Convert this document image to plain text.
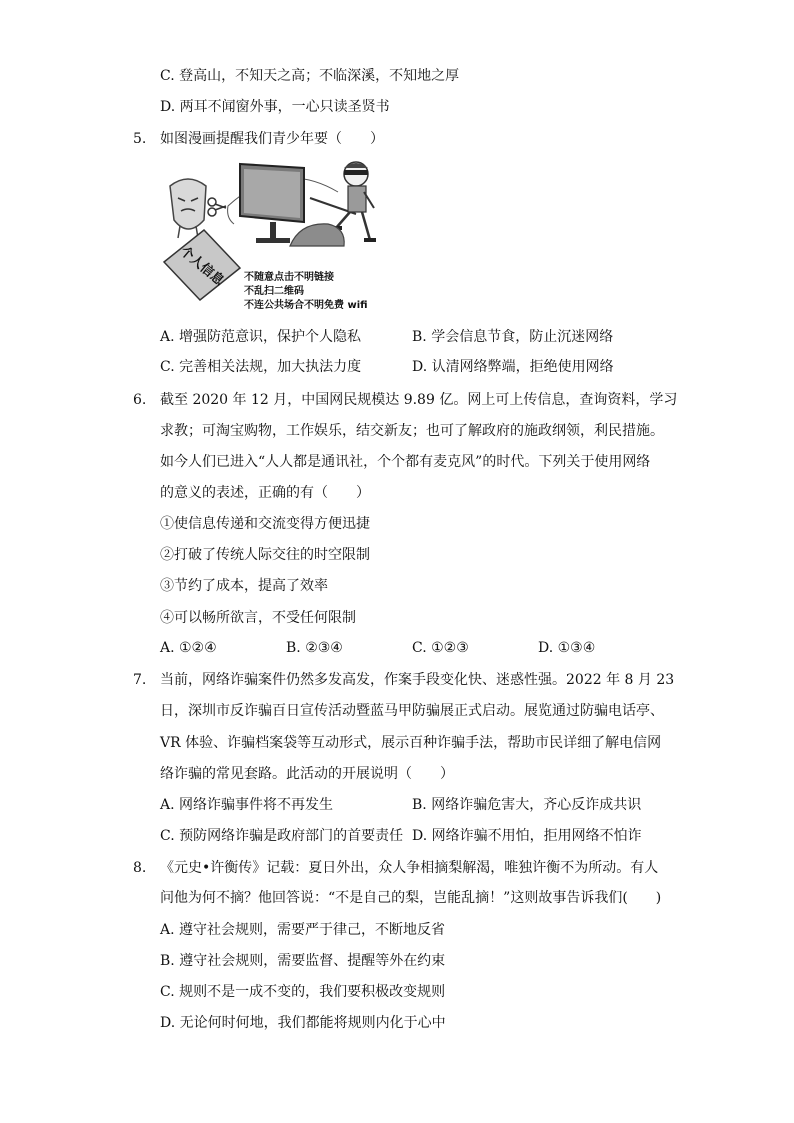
C. 登高山，不知天之高；不临深溪，不知地之厚
D. 两耳不闻窗外事，一心只读圣贤书
5. 如图漫画提醒我们青少年要（　　）
个人信息 不随意点击不明链接
不乱扫二维码
不连公共场合不明免费 wifi
A. 增强防范意识，保护个人隐私	B. 学会信息节食，防止沉迷网络
C. 完善相关法规，加大执法力度	D. 认清网络弊端，拒绝使用网络
6. 截至 2020 年 12 月，中国网民规模达 9.89 亿。网上可上传信息，查询资料，学习
求教；可淘宝购物，工作娱乐，结交新友；也可了解政府的施政纲领，利民措施。
如今人们已进入“人人都是通讯社，个个都有麦克风”的时代。下列关于使用网络
的意义的表述，正确的有（　　）
①使信息传递和交流变得方便迅捷
②打破了传统人际交往的时空限制
③节约了成本，提高了效率
④可以畅所欲言，不受任何限制
A. ①②④	B. ②③④	C. ①②③	D. ①③④
7. 当前，网络诈骗案件仍然多发高发，作案手段变化快、迷惑性强。2022 年 8 月 23
日，深圳市反诈骗百日宣传活动暨蓝马甲防骗展正式启动。展览通过防骗电话亭、
VR 体验、诈骗档案袋等互动形式，展示百种诈骗手法，帮助市民详细了解电信网
络诈骗的常见套路。此活动的开展说明（　　）
A. 网络诈骗事件将不再发生	B. 网络诈骗危害大，齐心反诈成共识
C. 预防网络诈骗是政府部门的首要责任 D. 网络诈骗不用怕，拒用网络不怕诈
8. 《元史•许衡传》记载：夏日外出，众人争相摘梨解渴，唯独许衡不为所动。有人
问他为何不摘？他回答说：“不是自己的梨，岂能乱摘！”这则故事告诉我们(　　)
A. 遵守社会规则，需要严于律己，不断地反省
B. 遵守社会规则，需要监督、提醒等外在约束
C. 规则不是一成不变的，我们要积极改变规则
D. 无论何时何地，我们都能将规则内化于心中
